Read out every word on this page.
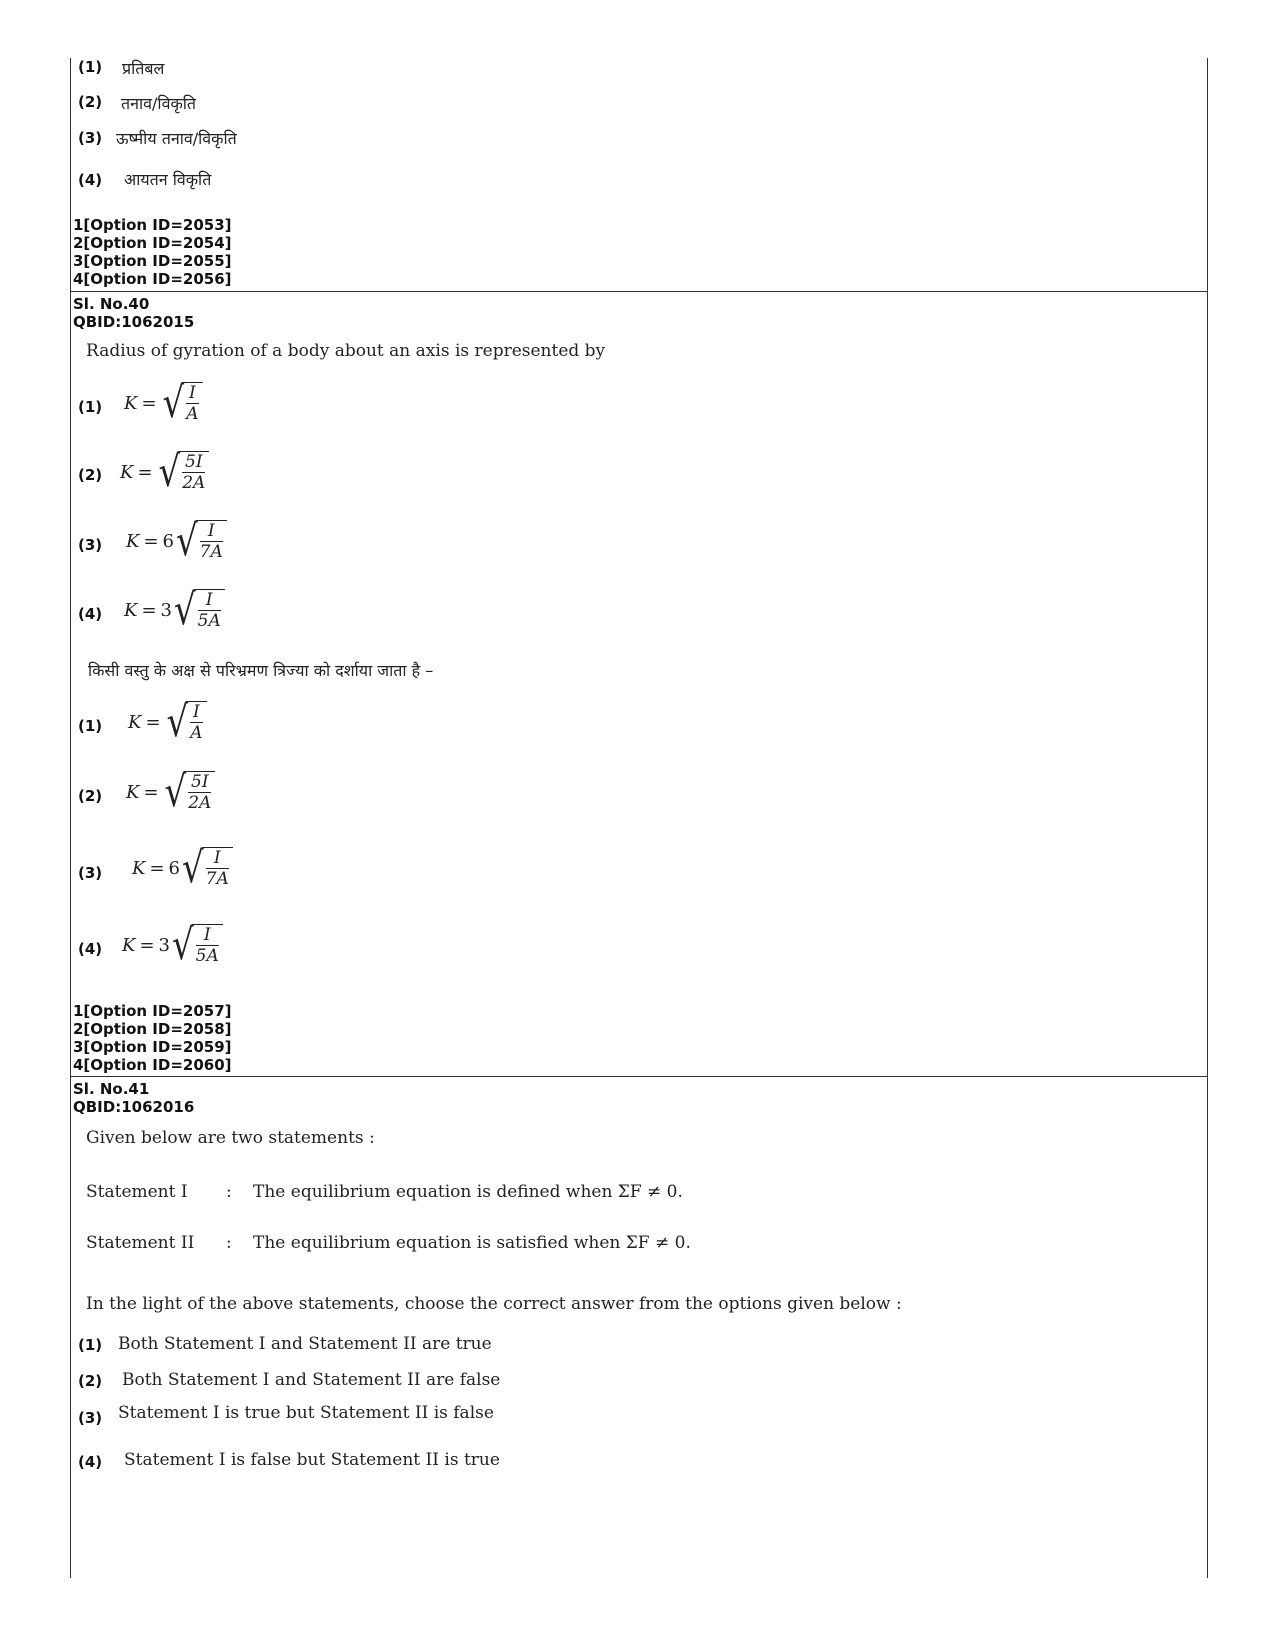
(1) प्रतिबल
(2) तनाव/विकृति
(3) ऊष्मीय तनाव/विकृति
(4) आयतन विकृति
1[Option ID=2053]
2[Option ID=2054]
3[Option ID=2055]
4[Option ID=2056]
Sl. No.40
QBID:1062015
Radius of gyration of a body about an axis is represented by
(1) K = √
$\frac{I}{A}$
(2) K = √
$\frac{5I}{2A}$
(3) K = 6 √
$\frac{I}{7A}$
(4) K = 3 √
$\frac{I}{5A}$
किसी वस्तु के अक्ष से परिभ्रमण त्रिज्या को दर्शाया जाता है –
(1) K = √
$\frac{I}{A}$
(2) K = √
$\frac{5I}{2A}$
(3) K = 6 √
$\frac{I}{7A}$
(4) K = 3 √
$\frac{I}{5A}$
1[Option ID=2057]
2[Option ID=2058]
3[Option ID=2059]
4[Option ID=2060]
Sl. No.41
QBID:1062016
Given below are two statements :
Statement I : The equilibrium equation is defined when ΣF ≠ 0.
Statement II : The equilibrium equation is satisfied when ΣF ≠ 0.
In the light of the above statements, choose the correct answer from the options given below :
(1) Both Statement I and Statement II are true
(2) Both Statement I and Statement II are false
(3) Statement I is true but Statement II is false
(4) Statement I is false but Statement II is true
